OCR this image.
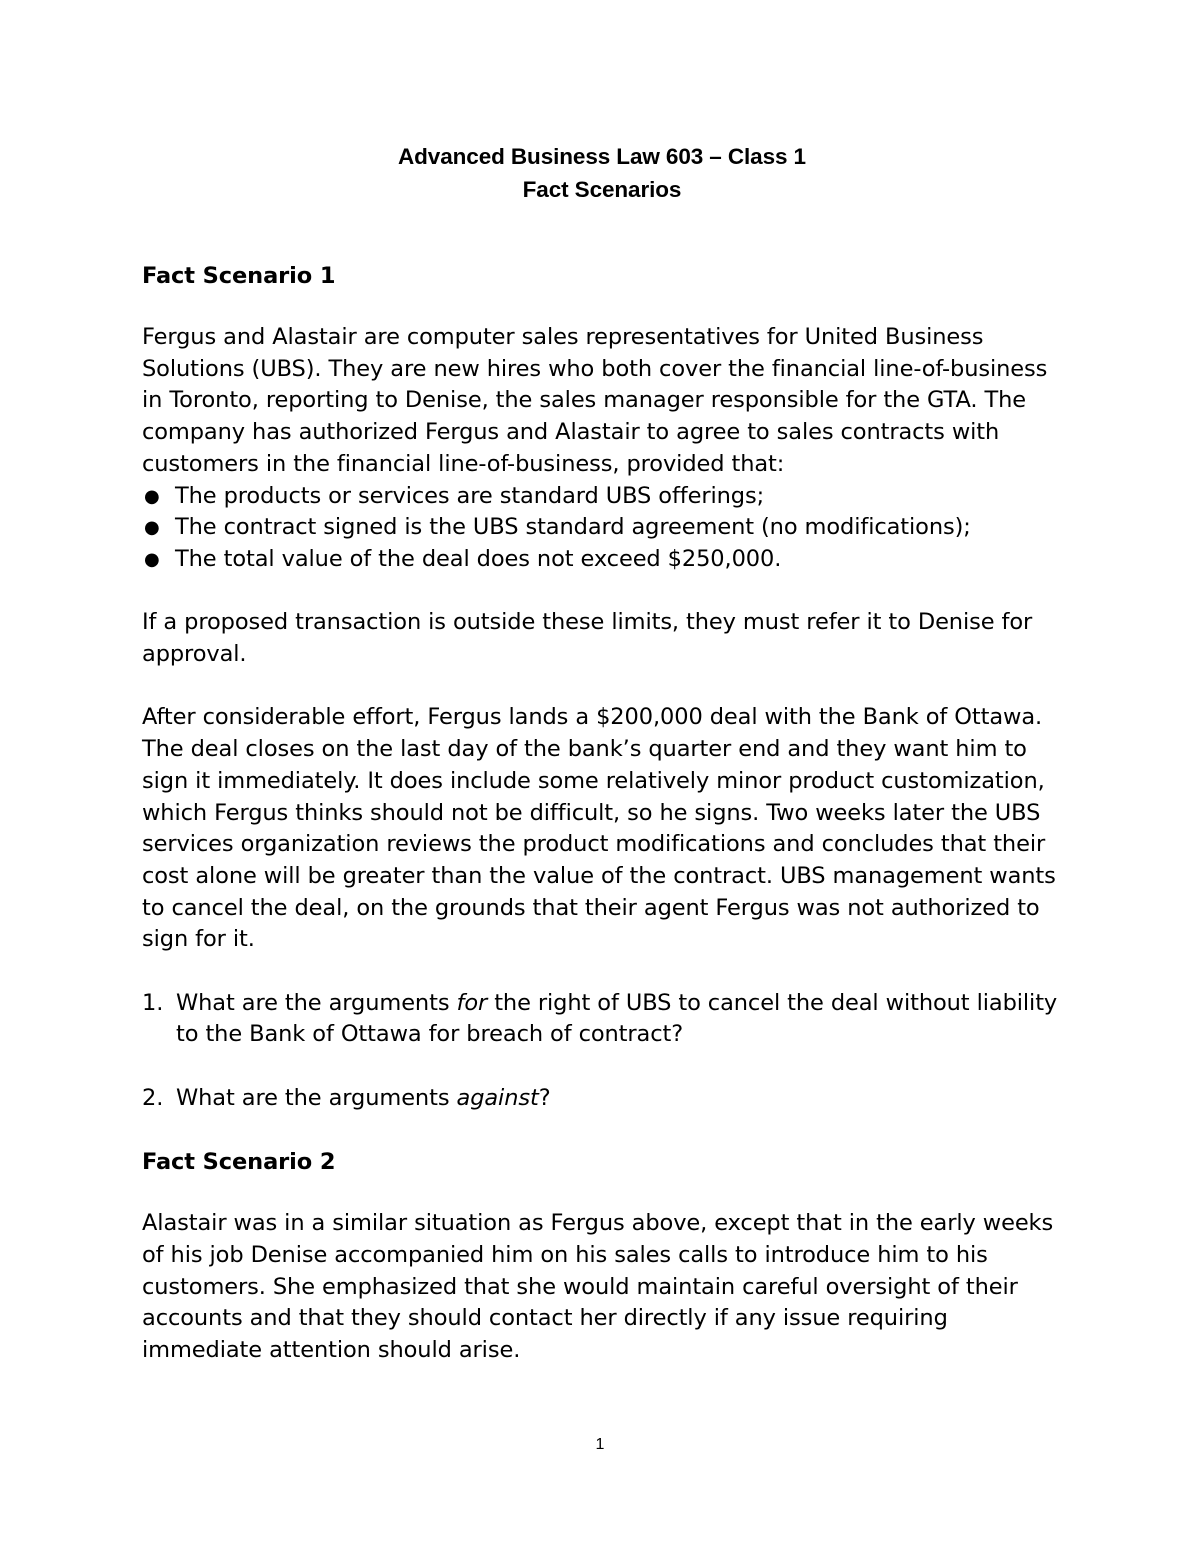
Advanced Business Law 603 – Class 1
Fact Scenarios
Fact Scenario 1

Fergus and Alastair are computer sales representatives for United Business Solutions (UBS). They are new hires who both cover the financial line-of-business in Toronto, reporting to Denise, the sales manager responsible for the GTA. The company has authorized Fergus and Alastair to agree to sales contracts with customers in the financial line-of-business, provided that:

● The products or services are standard UBS offerings;
● The contract signed is the UBS standard agreement (no modifications);
● The total value of the deal does not exceed $250,000.

If a proposed transaction is outside these limits, they must refer it to Denise for approval.

After considerable effort, Fergus lands a $200,000 deal with the Bank of Ottawa. The deal closes on the last day of the bank’s quarter end and they want him to sign it immediately. It does include some relatively minor product customization, which Fergus thinks should not be difficult, so he signs. Two weeks later the UBS services organization reviews the product modifications and concludes that their cost alone will be greater than the value of the contract. UBS management wants to cancel the deal, on the grounds that their agent Fergus was not authorized to sign for it.

1. What are the arguments for the right of UBS to cancel the deal without liability to the Bank of Ottawa for breach of contract?
2. What are the arguments against?
Fact Scenario 2

Alastair was in a similar situation as Fergus above, except that in the early weeks of his job Denise accompanied him on his sales calls to introduce him to his customers. She emphasized that she would maintain careful oversight of their accounts and that they should contact her directly if any issue requiring immediate attention should arise.

1
